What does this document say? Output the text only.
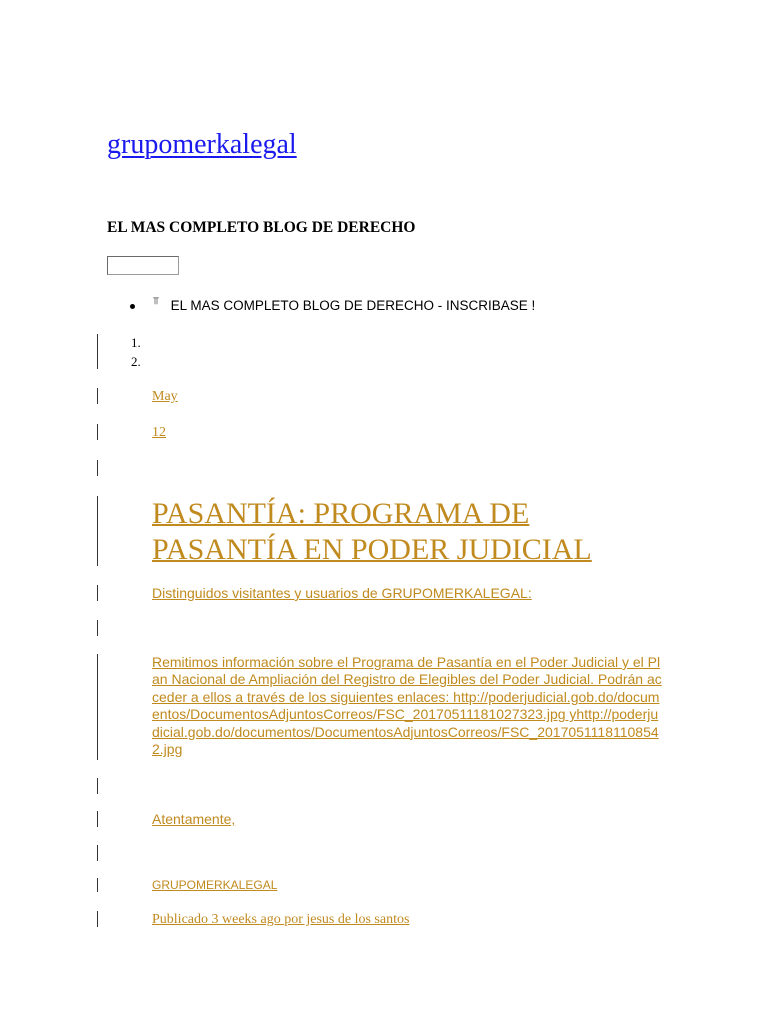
grupomerkalegal
EL MAS COMPLETO BLOG DE DERECHO
⫪ EL MAS COMPLETO BLOG DE DERECHO - INSCRIBASE !
1.
2.
May
12
PASANTÍA: PROGRAMA DE PASANTÍA EN PODER JUDICIAL

Distinguidos visitantes y usuarios de GRUPOMERKALEGAL:

Remitimos información sobre el Programa de Pasantía en el Poder Judicial y el Plan Nacional de Ampliación del Registro de Elegibles del Poder Judicial. Podrán acceder a ellos a través de los siguientes enlaces: http://poderjudicial.gob.do/documentos/DocumentosAdjuntosCorreos/FSC_20170511181027323.jpg yhttp://poderjudicial.gob.do/documentos/DocumentosAdjuntosCorreos/FSC_20170511181108542.jpg

Atentamente,

GRUPOMERKALEGAL

Publicado 3 weeks ago por jesus de los santos
